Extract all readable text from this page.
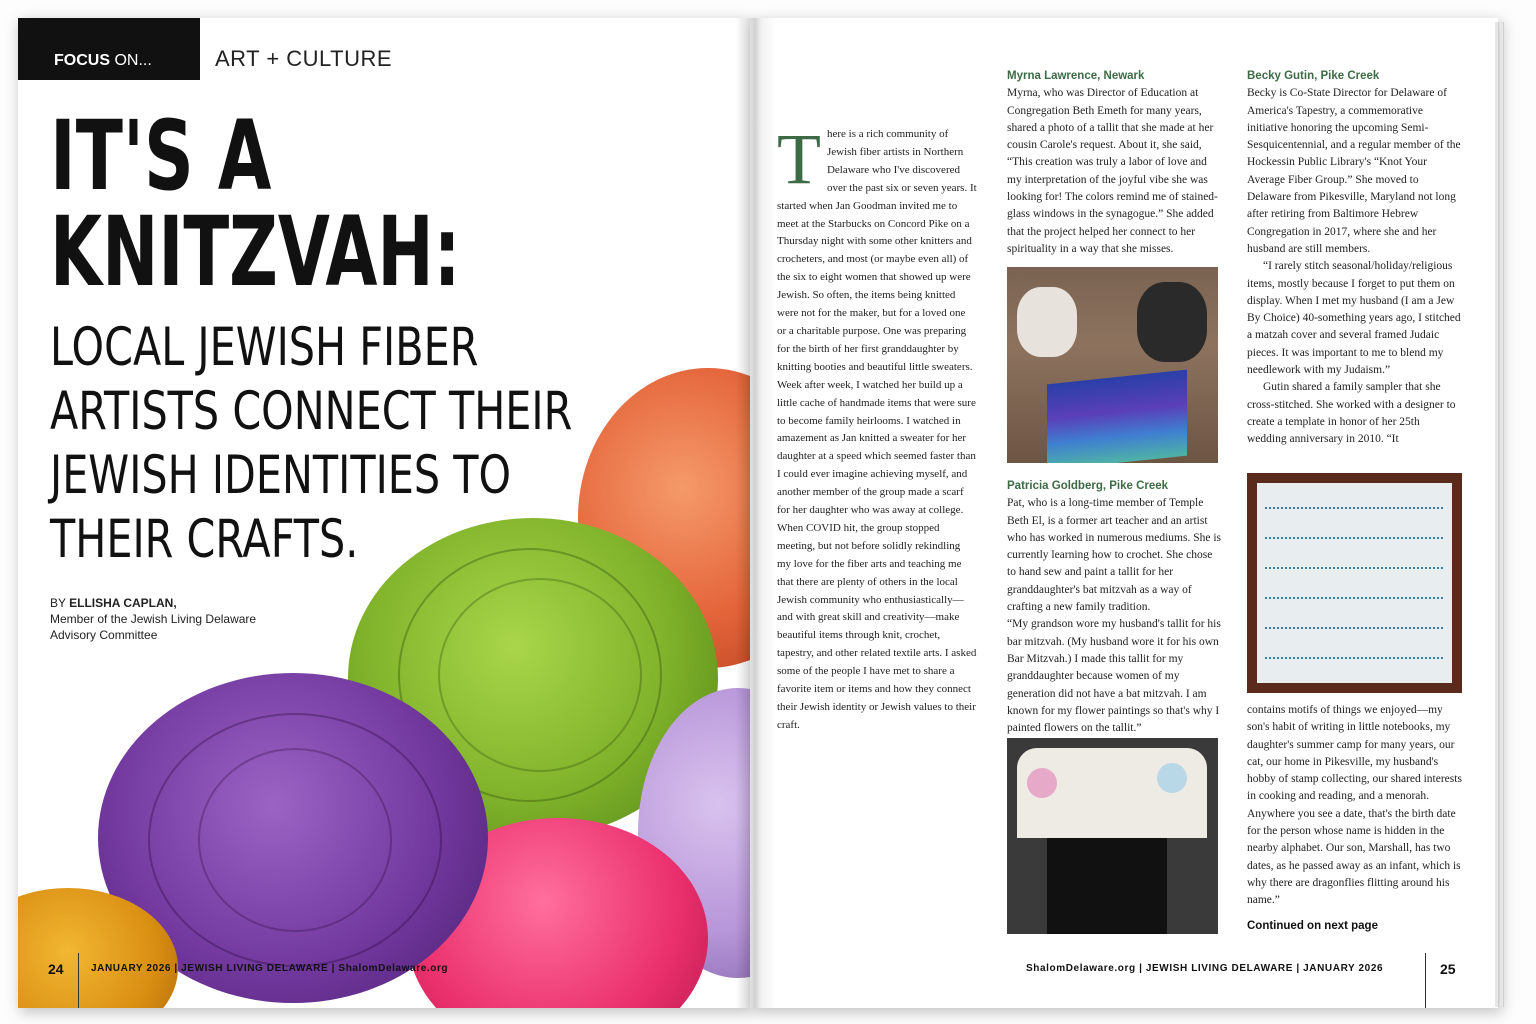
FOCUS ON...	ART + CULTURE
IT'S A
KNITZVAH:
LOCAL JEWISH FIBER
ARTISTS CONNECT THEIR
JEWISH IDENTITIES TO
THEIR CRAFTS.
BY ELLISHA CAPLAN,
Member of the Jewish Living Delaware Advisory Committee
24	JANUARY 2026 | JEWISH LIVING DELAWARE | ShalomDelaware.org
There is a rich community of Jewish fiber artists in Northern Delaware who I've discovered over the past six or seven years. It started when Jan Goodman invited me to meet at the Starbucks on Concord Pike on a Thursday night with some other knitters and crocheters, and most (or maybe even all) of the six to eight women that showed up were Jewish. So often, the items being knitted were not for the maker, but for a loved one or a charitable purpose. One was preparing for the birth of her first granddaughter by knitting booties and beautiful little sweaters. Week after week, I watched her build up a little cache of handmade items that were sure to become family heirlooms. I watched in amazement as Jan knitted a sweater for her daughter at a speed which seemed faster than I could ever imagine achieving myself, and another member of the group made a scarf for her daughter who was away at college. When COVID hit, the group stopped meeting, but not before solidly rekindling my love for the fiber arts and teaching me that there are plenty of others in the local Jewish community who enthusiastically—and with great skill and creativity—make beautiful items through knit, crochet, tapestry, and other related textile arts. I asked some of the people I have met to share a favorite item or items and how they connect their Jewish identity or Jewish values to their craft.

Myrna Lawrence, Newark

Myrna, who was Director of Education at Congregation Beth Emeth for many years, shared a photo of a tallit that she made at her cousin Carole's request. About it, she said, “This creation was truly a labor of love and my interpretation of the joyful vibe she was looking for! The colors remind me of stained-glass windows in the synagogue.” She added that the project helped her connect to her spirituality in a way that she misses.

Patricia Goldberg, Pike Creek

Pat, who is a long-time member of Temple Beth El, is a former art teacher and an artist who has worked in numerous mediums. She is currently learning how to crochet. She chose to hand sew and paint a tallit for her granddaughter's bat mitzvah as a way of crafting a new family tradition.

“My grandson wore my husband's tallit for his bar mitzvah. (My husband wore it for his own Bar Mitzvah.) I made this tallit for my granddaughter because women of my generation did not have a bat mitzvah. I am known for my flower paintings so that's why I painted flowers on the tallit.”

Becky Gutin, Pike Creek

Becky is Co-State Director for Delaware of America's Tapestry, a commemorative initiative honoring the upcoming Semi-Sesquicentennial, and a regular member of the Hockessin Public Library's “Knot Your Average Fiber Group.” She moved to Delaware from Pikesville, Maryland not long after retiring from Baltimore Hebrew Congregation in 2017, where she and her husband are still members.

“I rarely stitch seasonal/holiday/religious items, mostly because I forget to put them on display. When I met my husband (I am a Jew By Choice) 40-something years ago, I stitched a matzah cover and several framed Judaic pieces. It was important to me to blend my needlework with my Judaism.”

Gutin shared a family sampler that she cross-stitched. She worked with a designer to create a template in honor of her 25th wedding anniversary in 2010. “It

contains motifs of things we enjoyed—my son's habit of writing in little notebooks, my daughter's summer camp for many years, our cat, our home in Pikesville, my husband's hobby of stamp collecting, our shared interests in cooking and reading, and a menorah. Anywhere you see a date, that's the birth date for the person whose name is hidden in the nearby alphabet. Our son, Marshall, has two dates, as he passed away as an infant, which is why there are dragonflies flitting around his name.”

Continued on next page

ShalomDelaware.org | JEWISH LIVING DELAWARE | JANUARY 2026	25
